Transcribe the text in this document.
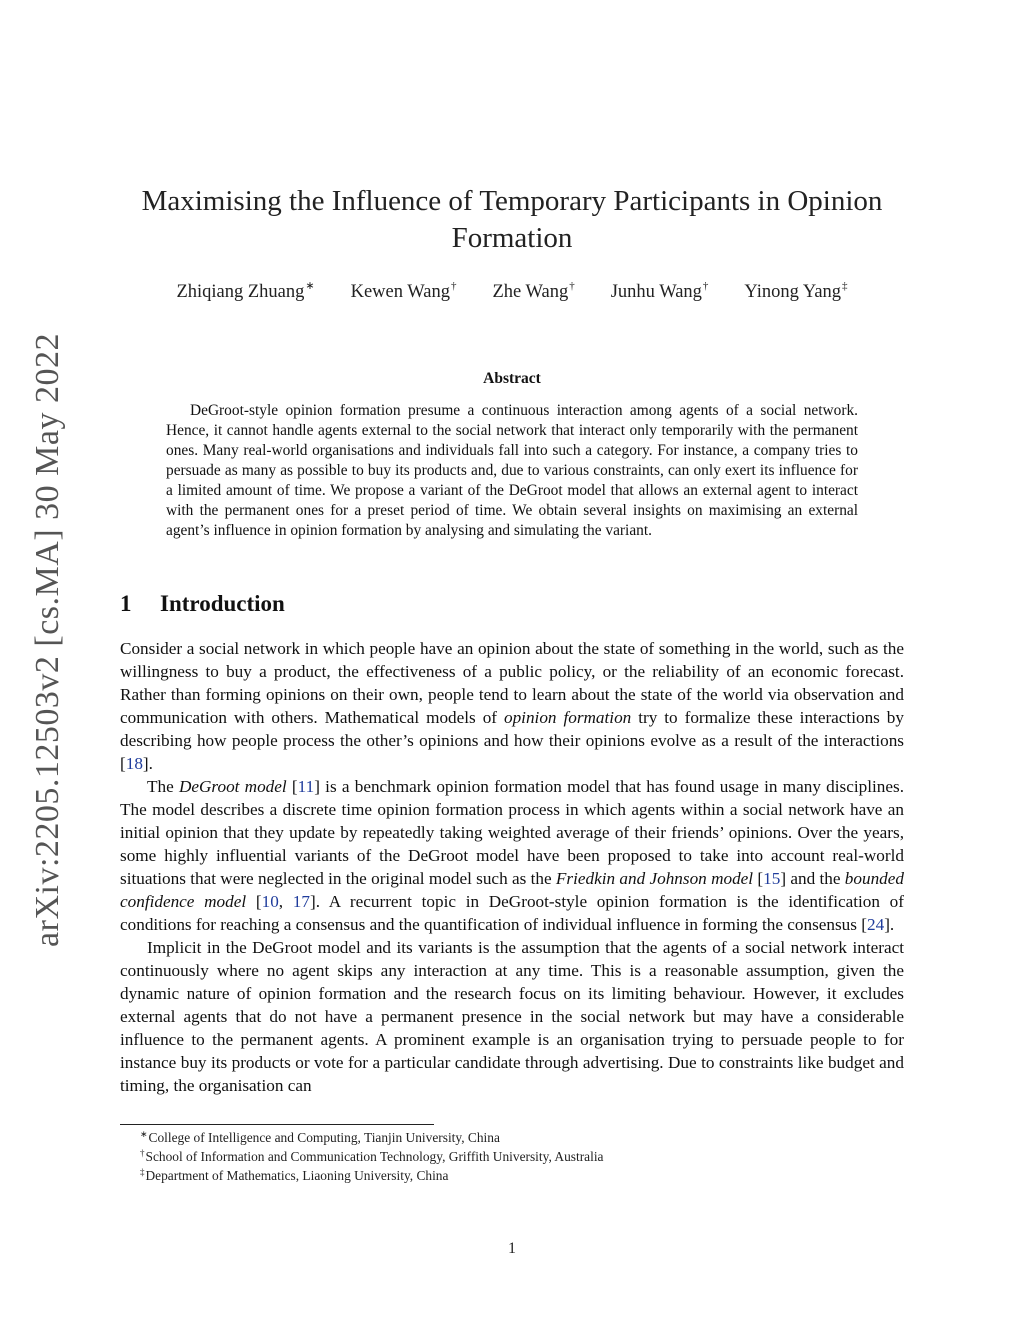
arXiv:2205.12503v2 [cs.MA] 30 May 2022
Maximising the Influence of Temporary Participants in Opinion Formation
Zhiqiang Zhuang∗ Kewen Wang† Zhe Wang† Junhu Wang† Yinong Yang‡
Abstract

DeGroot-style opinion formation presume a continuous interaction among agents of a social network. Hence, it cannot handle agents external to the social network that interact only temporarily with the permanent ones. Many real-world organisations and individuals fall into such a category. For instance, a company tries to persuade as many as possible to buy its products and, due to various constraints, can only exert its influence for a limited amount of time. We propose a variant of the DeGroot model that allows an external agent to interact with the permanent ones for a preset period of time. We obtain several insights on maximising an external agent’s influence in opinion formation by analysing and simulating the variant.

1 Introduction

Consider a social network in which people have an opinion about the state of something in the world, such as the willingness to buy a product, the effectiveness of a public policy, or the reliability of an economic forecast. Rather than forming opinions on their own, people tend to learn about the state of the world via observation and communication with others. Mathematical models of opinion formation try to formalize these interactions by describing how people process the other’s opinions and how their opinions evolve as a result of the interactions [18].

The DeGroot model [11] is a benchmark opinion formation model that has found usage in many disciplines. The model describes a discrete time opinion formation process in which agents within a social network have an initial opinion that they update by repeatedly taking weighted average of their friends’ opinions. Over the years, some highly influential variants of the DeGroot model have been proposed to take into account real-world situations that were neglected in the original model such as the Friedkin and Johnson model [15] and the bounded confidence model [10, 17]. A recurrent topic in DeGroot-style opinion formation is the identification of conditions for reaching a consensus and the quantification of individual influence in forming the consensus [24].

Implicit in the DeGroot model and its variants is the assumption that the agents of a social network interact continuously where no agent skips any interaction at any time. This is a reasonable assumption, given the dynamic nature of opinion formation and the research focus on its limiting behaviour. However, it excludes external agents that do not have a permanent presence in the social network but may have a considerable influence to the permanent agents. A prominent example is an organisation trying to persuade people to for instance buy its products or vote for a particular candidate through advertising. Due to constraints like budget and timing, the organisation can

∗College of Intelligence and Computing, Tianjin University, China
†School of Information and Communication Technology, Griffith University, Australia
‡Department of Mathematics, Liaoning University, China
1
